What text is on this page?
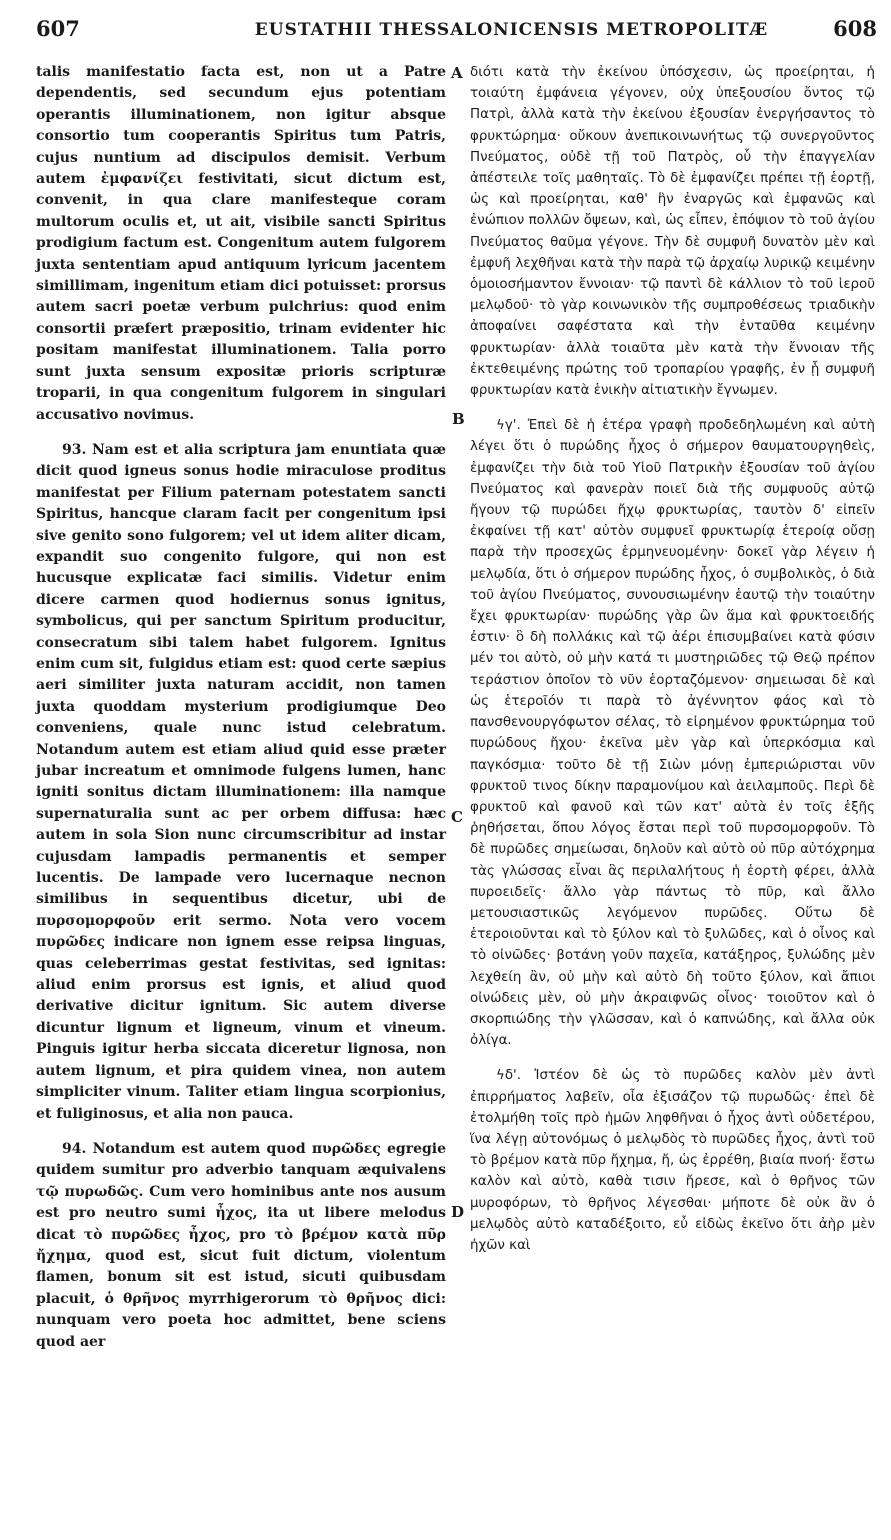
607	EUSTATHII THESSALONICENSIS METROPOLITÆ	608

talis manifestatio facta est, non ut a Patre dependentis, sed secundum ejus potentiam operantis illuminationem, non igitur absque consortio tum cooperantis Spiritus tum Patris, cujus nuntium ad discipulos demisit. Verbum autem ἐμφανίζει festivitati, sicut dictum est, convenit, in qua clare manifesteque coram multorum oculis et, ut ait, visibile sancti Spiritus prodigium factum est. Congenitum autem fulgorem juxta sententiam apud antiquum lyricum jacentem simillimam, ingenitum etiam dici potuisset: prorsus autem sacri poetæ verbum pulchrius: quod enim consortii præfert præpositio, trinam evidenter hic positam manifestat illuminationem. Talia porro sunt juxta sensum expositæ prioris scripturæ troparii, in qua congenitum fulgorem in singulari accusativo novimus.

93. Nam est et alia scriptura jam enuntiata quæ dicit quod igneus sonus hodie miraculose proditus manifestat per Filium paternam potestatem sancti Spiritus, hancque claram facit per congenitum ipsi sive genito sono fulgorem; vel ut idem aliter dicam, expandit suo congenito fulgore, qui non est hucusque explicatæ faci similis. Videtur enim dicere carmen quod hodiernus sonus ignitus, symbolicus, qui per sanctum Spiritum producitur, consecratum sibi talem habet fulgorem. Ignitus enim cum sit, fulgidus etiam est: quod certe sæpius aeri similiter juxta naturam accidit, non tamen juxta quoddam mysterium prodigiumque Deo conveniens, quale nunc istud celebratum. Notandum autem est etiam aliud quid esse præter jubar increatum et omnimode fulgens lumen, hanc igniti sonitus dictam illuminationem: illa namque supernaturalia sunt ac per orbem diffusa: hæc autem in sola Sion nunc circumscribitur ad instar cujusdam lampadis permanentis et semper lucentis. De lampade vero lucernaque necnon similibus in sequentibus dicetur, ubi de πυρσομορφοῦν erit sermo. Nota vero vocem πυρῶδες indicare non ignem esse reipsa linguas, quas celeberrimas gestat festivitas, sed ignitas: aliud enim prorsus est ignis, et aliud quod derivative dicitur ignitum. Sic autem diverse dicuntur lignum et ligneum, vinum et vineum. Pinguis igitur herba siccata diceretur lignosa, non autem lignum, et pira quidem vinea, non autem simpliciter vinum. Taliter etiam lingua scorpionius, et fuliginosus, et alia non pauca.

94. Notandum est autem quod πυρῶδες egregie quidem sumitur pro adverbio tanquam æquivalens τῷ πυρωδῶς. Cum vero hominibus ante nos ausum est pro neutro sumi ἦχος, ita ut libere melodus dicat τὸ πυρῶδες ἦχος, pro τὸ βρέμον κατὰ πῦρ ἤχημα, quod est, sicut fuit dictum, violentum flamen, bonum sit est istud, sicuti quibusdam placuit, ὁ θρῆνος myrrhigerorum τὸ θρῆνος dici: nunquam vero poeta hoc admittet, bene sciens quod aer

A
B
C
D

διότι κατὰ τὴν ἐκείνου ὑπόσχεσιν, ὡς προείρηται, ἡ τοιαύτη ἐμφάνεια γέγονεν, οὐχ ὑπεξουσίου ὄντος τῷ Πατρὶ, ἀλλὰ κατὰ τὴν ἐκείνου ἐξουσίαν ἐνεργήσαντος τὸ φρυκτώρημα· οὔκουν ἀνεπικοινωνήτως τῷ συνεργοῦντος Πνεύματος, οὐδὲ τῇ τοῦ Πατρὸς, οὗ τὴν ἐπαγγελίαν ἀπέστειλε τοῖς μαθηταῖς. Τὸ δὲ ἐμφανίζει πρέπει τῇ ἑορτῇ, ὡς καὶ προείρηται, καθ' ἣν ἐναργῶς καὶ ἐμφανῶς καὶ ἐνώπιον πολλῶν ὄψεων, καὶ, ὡς εἶπεν, ἐπόψιον τὸ τοῦ ἁγίου Πνεύματος θαῦμα γέγονε. Τὴν δὲ συμφυῆ δυνατὸν μὲν καὶ ἐμφυῆ λεχθῆναι κατὰ τὴν παρὰ τῷ ἀρχαίῳ λυρικῷ κειμένην ὁμοιοσήμαντον ἔννοιαν· τῷ παντὶ δὲ κάλλιον τὸ τοῦ ἱεροῦ μελῳδοῦ· τὸ γὰρ κοινωνικὸν τῆς συμπροθέσεως τριαδικὴν ἀποφαίνει σαφέστατα καὶ τὴν ἐνταῦθα κειμένην φρυκτωρίαν· ἀλλὰ τοιαῦτα μὲν κατὰ τὴν ἔννοιαν τῆς ἐκτεθειμένης πρώτης τοῦ τροπαρίου γραφῆς, ἐν ᾗ συμφυῆ φρυκτωρίαν κατὰ ἑνικὴν αἰτιατικὴν ἔγνωμεν.

ϟγ'. Ἐπεὶ δὲ ἡ ἑτέρα γραφὴ προδεδηλωμένη καὶ αὐτὴ λέγει ὅτι ὁ πυρώδης ἦχος ὁ σήμερον θαυματουργηθεὶς, ἐμφανίζει τὴν διὰ τοῦ Υἱοῦ Πατρικὴν ἐξουσίαν τοῦ ἁγίου Πνεύματος καὶ φανερὰν ποιεῖ διὰ τῆς συμφυοῦς αὐτῷ ἤγουν τῷ πυρώδει ἤχῳ φρυκτωρίας, ταυτὸν δ' εἰπεῖν ἐκφαίνει τῇ κατ' αὐτὸν συμφυεῖ φρυκτωρίᾳ ἑτεροίᾳ οὔσῃ παρὰ τὴν προσεχῶς ἑρμηνευομένην· δοκεῖ γὰρ λέγειν ἡ μελῳδία, ὅτι ὁ σήμερον πυρώδης ἦχος, ὁ συμβολικὸς, ὁ διὰ τοῦ ἁγίου Πνεύματος, συνουσιωμένην ἑαυτῷ τὴν τοιαύτην ἔχει φρυκτωρίαν· πυρώδης γὰρ ὢν ἅμα καὶ φρυκτοειδής ἐστιν· ὃ δὴ πολλάκις καὶ τῷ ἀέρι ἐπισυμβαίνει κατὰ φύσιν μέν τοι αὐτὸ, οὐ μὴν κατά τι μυστηριῶδες τῷ Θεῷ πρέπον τεράστιον ὁποῖον τὸ νῦν ἑορταζόμενον· σημειωσαι δὲ καὶ ὡς ἑτεροῖόν τι παρὰ τὸ ἀγέννητον φάος καὶ τὸ πανσθενουργόφωτον σέλας, τὸ εἰρημένον φρυκτώρημα τοῦ πυρώδους ἤχου· ἐκεῖνα μὲν γὰρ καὶ ὑπερκόσμια καὶ παγκόσμια· τοῦτο δὲ τῇ Σιὼν μόνῃ ἐμπεριώρισται νῦν φρυκτοῦ τινος δίκην παραμονίμου καὶ ἀειλαμποῦς. Περὶ δὲ φρυκτοῦ καὶ φανοῦ καὶ τῶν κατ' αὐτὰ ἐν τοῖς ἑξῆς ῥηθήσεται, ὅπου λόγος ἔσται περὶ τοῦ πυρσομορφοῦν. Τὸ δὲ πυρῶδες σημείωσαι, δηλοῦν καὶ αὐτὸ οὐ πῦρ αὐτόχρημα τὰς γλώσσας εἶναι ἃς περιλαλήτους ἡ ἑορτὴ φέρει, ἀλλὰ πυροειδεῖς· ἄλλο γὰρ πάντως τὸ πῦρ, καὶ ἄλλο μετουσιαστικῶς λεγόμενον πυρῶδες. Οὕτω δὲ ἑτεροιοῦνται καὶ τὸ ξύλον καὶ τὸ ξυλῶδες, καὶ ὁ οἶνος καὶ τὸ οἰνῶδες· βοτάνη γοῦν παχεῖα, κατάξηρος, ξυλώδης μὲν λεχθείη ἂν, οὐ μὴν καὶ αὐτὸ δὴ τοῦτο ξύλον, καὶ ἄπιοι οἰνώδεις μὲν, οὐ μὴν ἀκραιφνῶς οἶνος· τοιοῦτον καὶ ὁ σκορπιώδης τὴν γλῶσσαν, καὶ ὁ καπνώδης, καὶ ἄλλα οὐκ ὀλίγα.

ϟδ'. Ἰστέον δὲ ὡς τὸ πυρῶδες καλὸν μὲν ἀντὶ ἐπιρρήματος λαβεῖν, οἷα ἐξισάζον τῷ πυρωδῶς· ἐπεὶ δὲ ἐτολμήθη τοῖς πρὸ ἡμῶν ληφθῆναι ὁ ἦχος ἀντὶ οὐδετέρου, ἵνα λέγῃ αὐτονόμως ὁ μελῳδὸς τὸ πυρῶδες ἦχος, ἀντὶ τοῦ τὸ βρέμον κατὰ πῦρ ἤχημα, ἤ, ὡς ἐρρέθη, βιαία πνοή· ἔστω καλὸν καὶ αὐτὸ, καθὰ τισιν ἤρεσε, καὶ ὁ θρῆνος τῶν μυροφόρων, τὸ θρῆνος λέγεσθαι· μήποτε δὲ οὐκ ἂν ὁ μελῳδὸς αὐτὸ καταδέξοιτο, εὖ εἰδὼς ἐκεῖνο ὅτι ἀὴρ μὲν ἠχῶν καὶ
